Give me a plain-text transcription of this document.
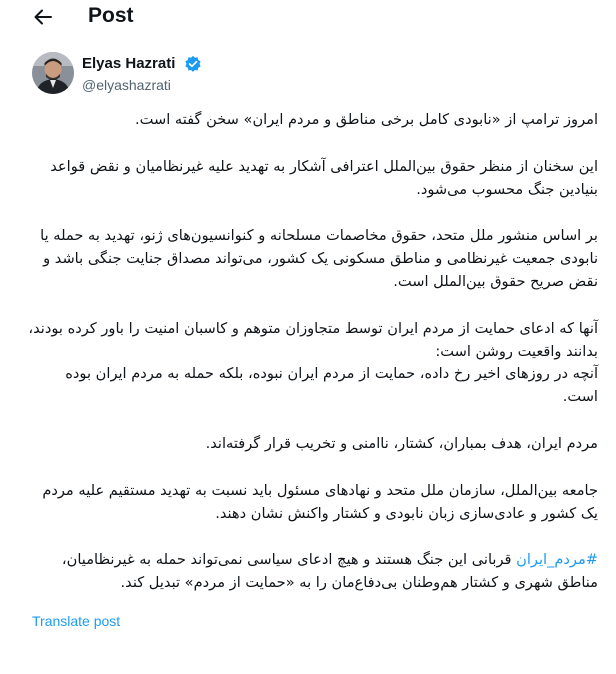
Post
Elyas Hazrati
@elyashazrati

امروز ترامپ از «نابودی کامل برخی مناطق و مردم ایران» سخن گفته است.

این سخنان از منظر حقوق بین‌الملل اعترافی آشکار به تهدید علیه غیرنظامیان و نقض قواعد بنیادین جنگ محسوب می‌شود.

بر اساس منشور ملل متحد، حقوق مخاصمات مسلحانه و کنوانسیون‌های ژنو، تهدید به حمله یا نابودی جمعیت غیرنظامی و مناطق مسکونی یک کشور، می‌تواند مصداق جنایت جنگی باشد و نقض صریح حقوق بین‌الملل است.

آنها که ادعای حمایت از مردم ایران توسط متجاوزان متوهم و کاسبان امنیت را باور کرده بودند، بدانند واقعیت روشن است:
آنچه در روزهای اخیر رخ داده، حمایت از مردم ایران نبوده، بلکه حمله به مردم ایران بوده است.

مردم ایران، هدف بمباران، کشتار، ناامنی و تخریب قرار گرفته‌اند.

جامعه بین‌الملل، سازمان ملل متحد و نهادهای مسئول باید نسبت به تهدید مستقیم علیه مردم یک کشور و عادی‌سازی زبان نابودی و کشتار واکنش نشان دهند.

#مردم_ایران قربانی این جنگ هستند و هیچ ادعای سیاسی نمی‌تواند حمله به غیرنظامیان، مناطق شهری و کشتار هم‌وطنان بی‌دفاع‌مان را به «حمایت از مردم» تبدیل کند.

Translate post
